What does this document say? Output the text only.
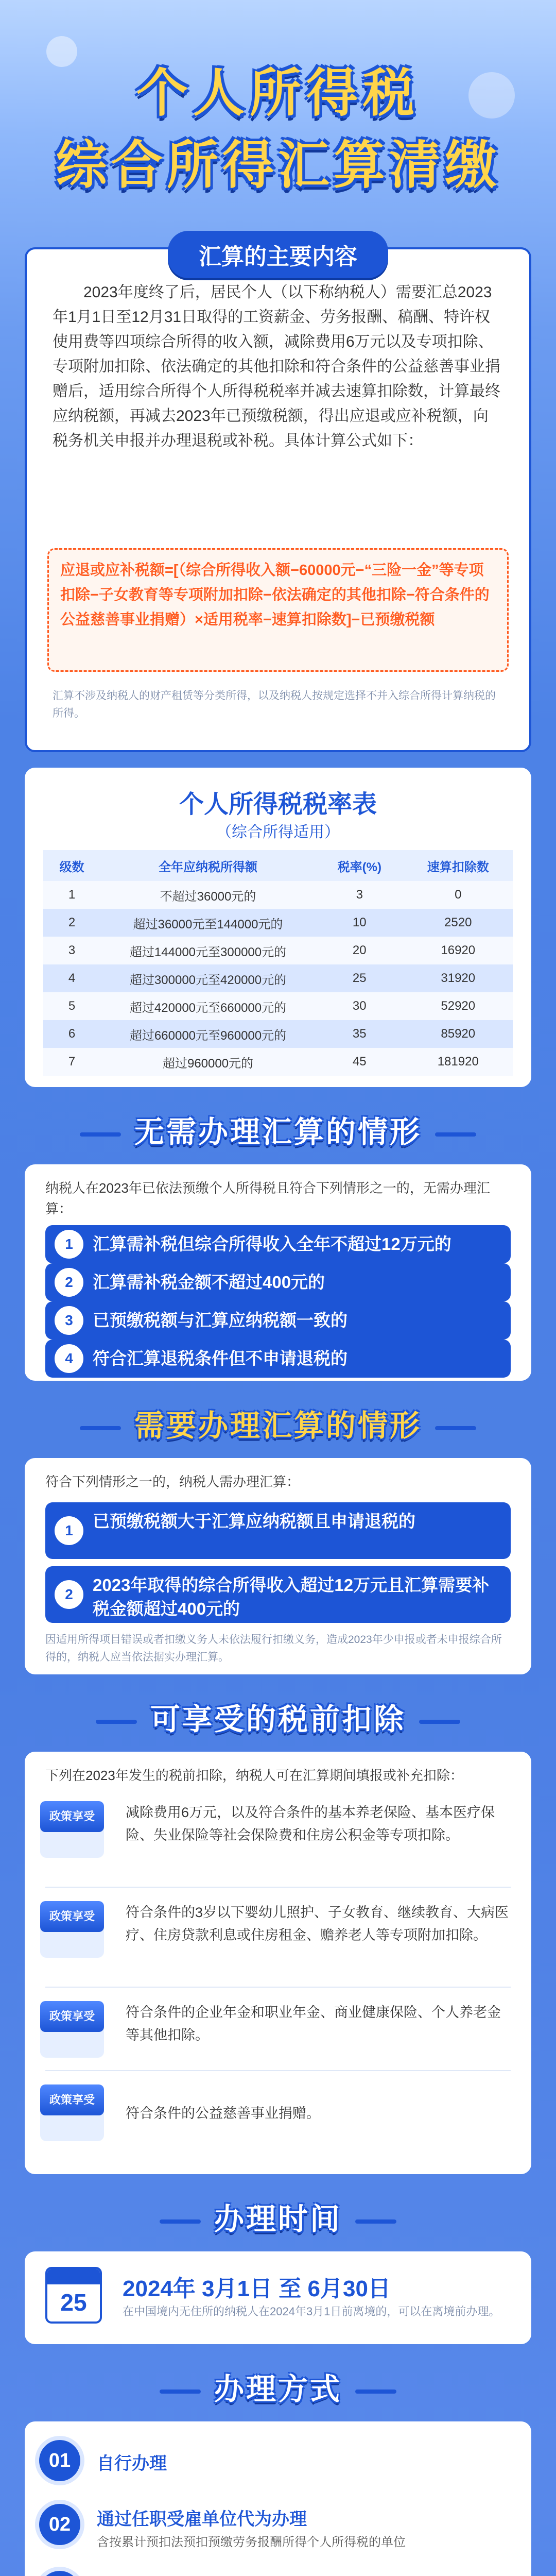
个人所得税
综合所得汇算清缴
汇算的主要内容
2023年度终了后，居民个人（以下称纳税人）需要汇总2023年1月1日至12月31日取得的工资薪金、劳务报酬、稿酬、特许权使用费等四项综合所得的收入额，减除费用6万元以及专项扣除、专项附加扣除、依法确定的其他扣除和符合条件的公益慈善事业捐赠后，适用综合所得个人所得税税率并减去速算扣除数，计算最终应纳税额，再减去2023年已预缴税额，得出应退或应补税额，向税务机关申报并办理退税或补税。具体计算公式如下：
应退或应补税额=[（综合所得收入额−60000元−“三险一金”等专项扣除−子女教育等专项附加扣除−依法确定的其他扣除−符合条件的公益慈善事业捐赠）×适用税率−速算扣除数]−已预缴税额
汇算不涉及纳税人的财产租赁等分类所得，以及纳税人按规定选择不并入综合所得计算纳税的所得。
个人所得税税率表
（综合所得适用）
级数	全年应纳税所得额	税率(%)	速算扣除数
1	不超过36000元的	3	0
2	超过36000元至144000元的	10	2520
3	超过144000元至300000元的	20	16920
4	超过300000元至420000元的	25	31920
5	超过420000元至660000元的	30	52920
6	超过660000元至960000元的	35	85920
7	超过960000元的	45	181920
无需办理汇算的情形
纳税人在2023年已依法预缴个人所得税且符合下列情形之一的，无需办理汇算：
1	汇算需补税但综合所得收入全年不超过12万元的
2	汇算需补税金额不超过400元的
3	已预缴税额与汇算应纳税额一致的
4	符合汇算退税条件但不申请退税的
需要办理汇算的情形
符合下列情形之一的，纳税人需办理汇算：
1	已预缴税额大于汇算应纳税额且申请退税的
2	2023年取得的综合所得收入超过12万元且汇算需要补税金额超过400元的
因适用所得项目错误或者扣缴义务人未依法履行扣缴义务，造成2023年少申报或者未申报综合所得的，纳税人应当依法据实办理汇算。
可享受的税前扣除
下列在2023年发生的税前扣除，纳税人可在汇算期间填报或补充扣除：
政策享受	减除费用6万元，以及符合条件的基本养老保险、基本医疗保险、失业保险等社会保险费和住房公积金等专项扣除。
政策享受	符合条件的3岁以下婴幼儿照护、子女教育、继续教育、大病医疗、住房贷款利息或住房租金、赡养老人等专项附加扣除。
政策享受	符合条件的企业年金和职业年金、商业健康保险、个人养老金等其他扣除。
政策享受
符合条件的公益慈善事业捐赠。
办理时间
25
2024年 3月1日 至 6月30日
在中国境内无住所的纳税人在2024年3月1日前离境的，可以在离境前办理。
办理方式
01	自行办理
02	通过任职受雇单位代为办理
含按累计预扣法预扣预缴劳务报酬所得个人所得税的单位
